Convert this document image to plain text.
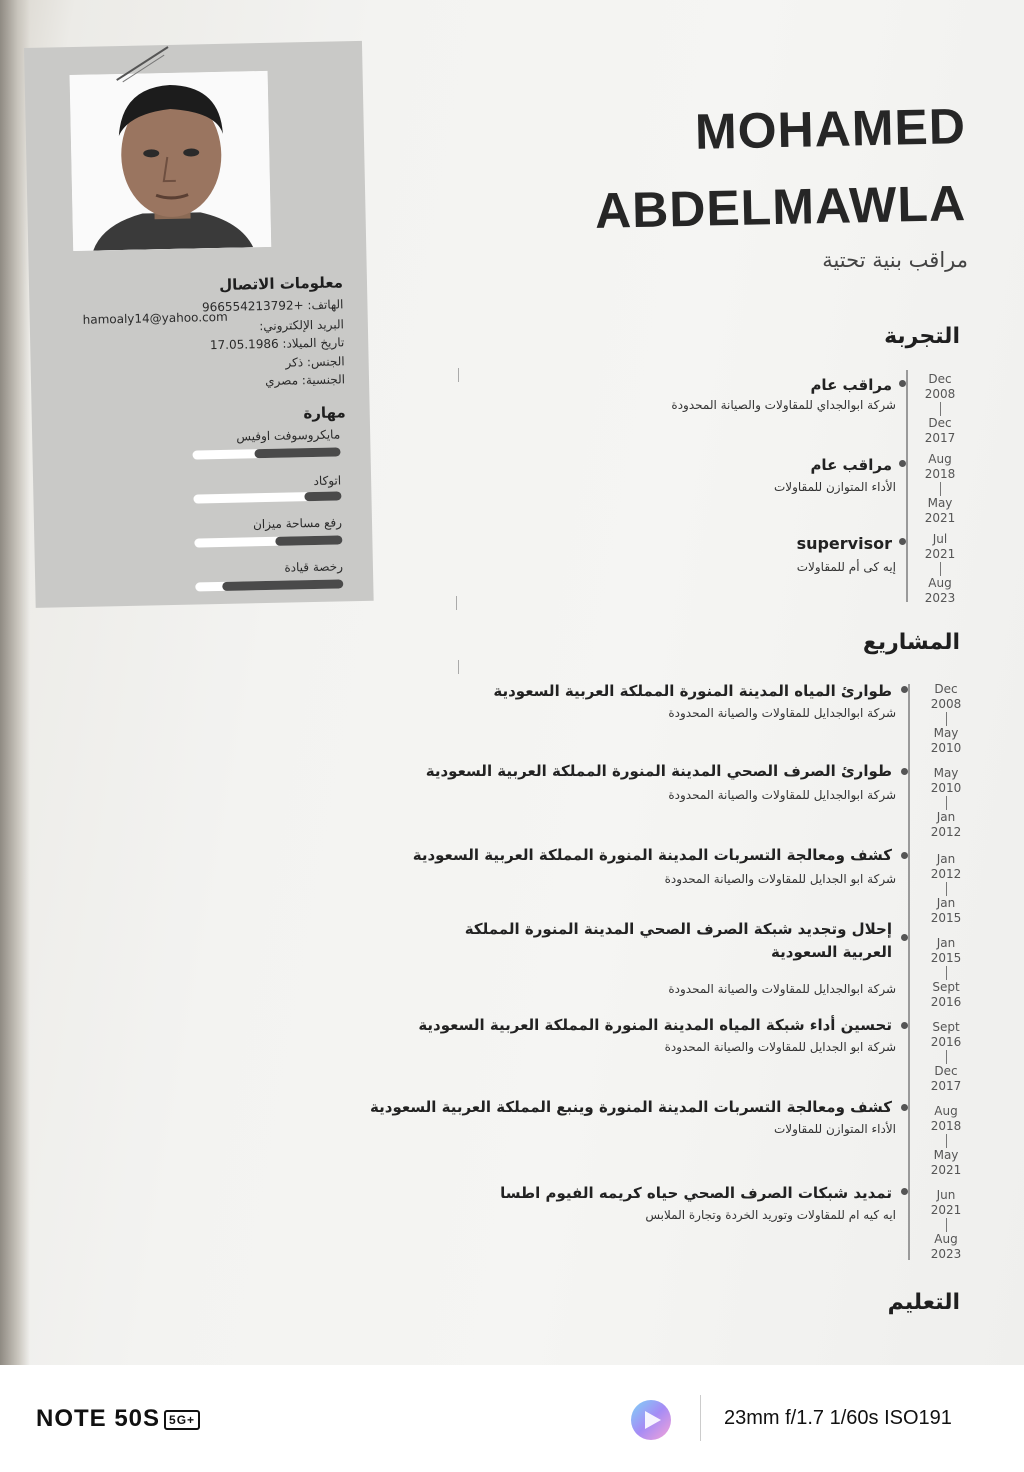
معلومات الاتصال
الهاتف: +966554213792
البريد الإلكتروني:
hamoaly14@yahoo.com
تاريخ الميلاد: 17.05.1986
الجنس: ذكر
الجنسية: مصري
مهارة
مايكروسوفت اوفيس
اتوكاد
رفع مساحة ميزان
رخصة قيادة
MOHAMED
ABDELMAWLA
مراقب بنية تحتية
التجربة
مراقب عام
شركة ابوالجداي للمقاولات والصيانة المحدودة
Dec
2008
Dec
2017
مراقب عام
الأداء المتوازن للمقاولات
Aug
2018
May
2021
supervisor
إيه كى أم للمقاولات
Jul
2021
Aug
2023
المشاريع
طوارئ المياه المدينة المنورة المملكة العربية السعودية
شركة ابوالجدايل للمقاولات والصيانة المحدودة
Dec
2008
May
2010
طوارئ الصرف الصحي المدينة المنورة المملكة العربية السعودية
شركة ابوالجدايل للمقاولات والصيانة المحدودة
May
2010
Jan
2012
كشف ومعالجة التسربات المدينة المنورة المملكة العربية السعودية
شركة ابو الجدايل للمقاولات والصيانة المحدودة
Jan
2012
Jan
2015
إحلال وتجديد شبكة الصرف الصحي المدينة المنورة المملكة العربية السعودية
شركة ابوالجدايل للمقاولات والصيانة المحدودة
Jan
2015
Sept
2016
تحسين أداء شبكة المياه المدينة المنورة المملكة العربية السعودية
شركة ابو الجدايل للمقاولات والصيانة المحدودة
Sept
2016
Dec
2017
كشف ومعالجة التسربات المدينة المنورة وينبع المملكة العربية السعودية
الأداء المتوازن للمقاولات
Aug
2018
May
2021
تمديد شبكات الصرف الصحي حياه كريمه الفيوم اطسا
ايه كيه ام للمقاولات وتوريد الخردة وتجارة الملابس
Jun
2021
Aug
2023
التعليم
NOTE 50S 5G+	23mm f/1.7 1/60s ISO191
